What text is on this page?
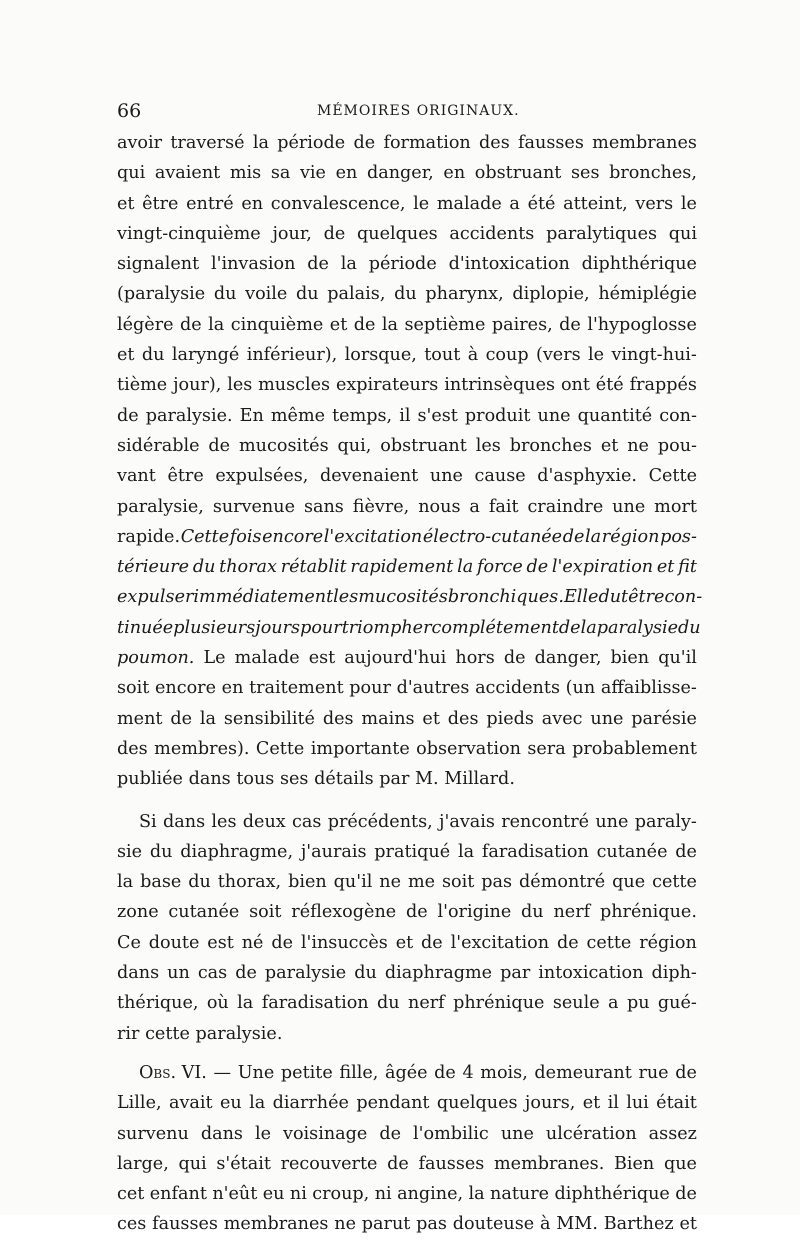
66	MÉMOIRES ORIGINAUX.
avoir traversé la période de formation des fausses membranes
qui avaient mis sa vie en danger, en obstruant ses bronches,
et être entré en convalescence, le malade a été atteint, vers le
vingt-cinquième jour, de quelques accidents paralytiques qui
signalent l'invasion de la période d'intoxication diphthérique
(paralysie du voile du palais, du pharynx, diplopie, hémiplégie
légère de la cinquième et de la septième paires, de l'hypoglosse
et du laryngé inférieur), lorsque, tout à coup (vers le vingt-hui-
tième jour), les muscles expirateurs intrinsèques ont été frappés
de paralysie. En même temps, il s'est produit une quantité con-
sidérable de mucosités qui, obstruant les bronches et ne pou-
vant être expulsées, devenaient une cause d'asphyxie. Cette
paralysie, survenue sans fièvre, nous a fait craindre une mort
rapide. Cette fois encore l'excitation électro-cutanée de la région pos-
térieure du thorax rétablit rapidement la force de l'expiration et fit
expulser immédiatement les mucosités bronchiques. Elle dut être con-
tinuée plusieurs jours pour triompher complétement de la paralysie du
poumon. Le malade est aujourd'hui hors de danger, bien qu'il
soit encore en traitement pour d'autres accidents (un affaiblisse-
ment de la sensibilité des mains et des pieds avec une parésie
des membres). Cette importante observation sera probablement
publiée dans tous ses détails par M. Millard.
Si dans les deux cas précédents, j'avais rencontré une paraly-
sie du diaphragme, j'aurais pratiqué la faradisation cutanée de
la base du thorax, bien qu'il ne me soit pas démontré que cette
zone cutanée soit réflexogène de l'origine du nerf phrénique.
Ce doute est né de l'insuccès et de l'excitation de cette région
dans un cas de paralysie du diaphragme par intoxication diph-
thérique, où la faradisation du nerf phrénique seule a pu gué-
rir cette paralysie.
Obs. VI. — Une petite fille, âgée de 4 mois, demeurant rue de
Lille, avait eu la diarrhée pendant quelques jours, et il lui était
survenu dans le voisinage de l'ombilic une ulcération assez
large, qui s'était recouverte de fausses membranes. Bien que
cet enfant n'eût eu ni croup, ni angine, la nature diphthérique de
ces fausses membranes ne parut pas douteuse à MM. Barthez et
